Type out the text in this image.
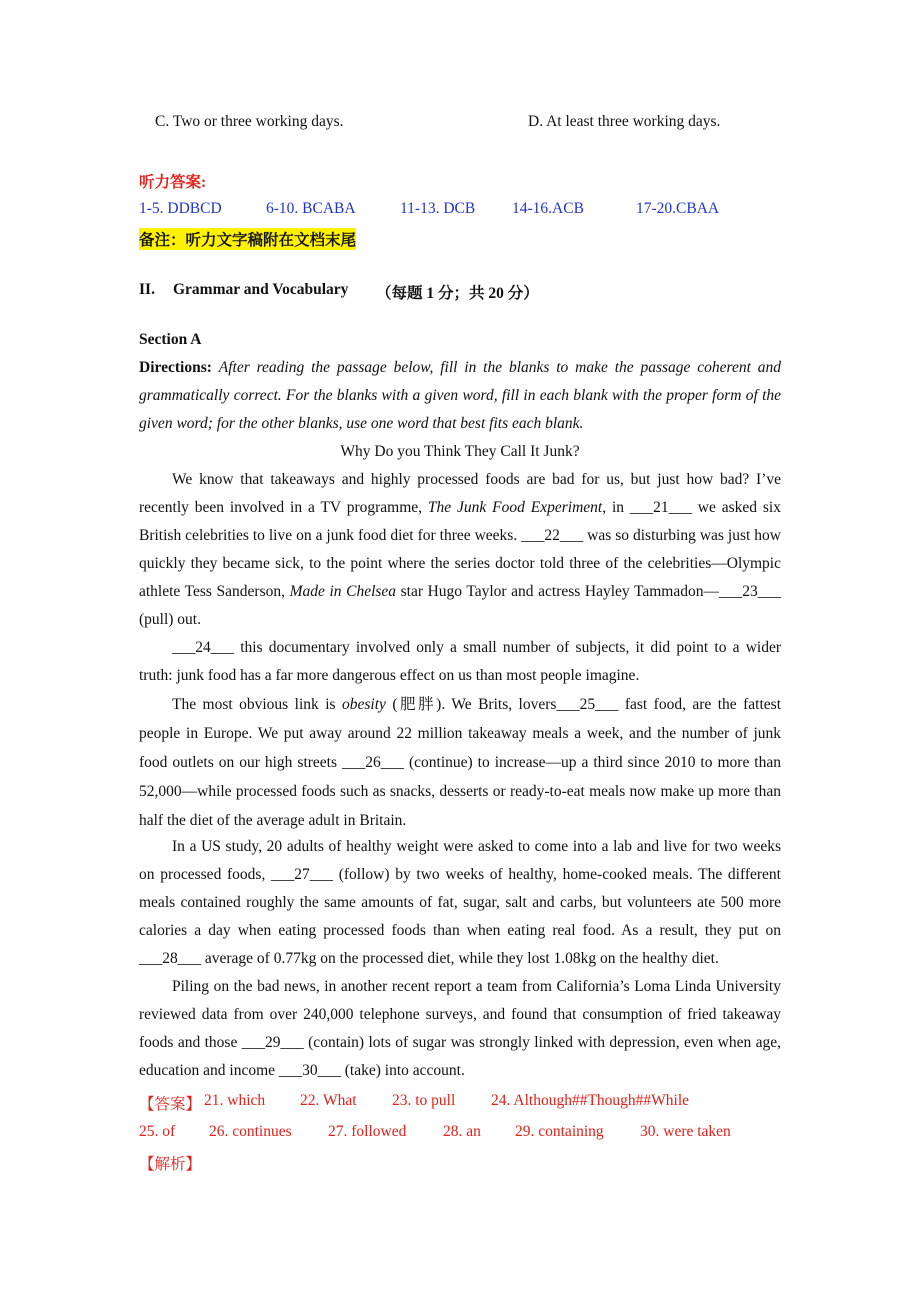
C. Two or three working days.	D. At least three working days.
听力答案:
1-5. DDBCD	6-10. BCABA	11-13. DCB 14-16.ACB	17-20.CBAA
备注：听力文字稿附在文档末尾
II. Grammar and Vocabulary （每题 1 分；共 20 分）
Section A
Directions: After reading the passage below, fill in the blanks to make the passage coherent and grammatically correct. For the blanks with a given word, fill in each blank with the proper form of the given word; for the other blanks, use one word that best fits each blank.
Why Do you Think They Call It Junk?
We know that takeaways and highly processed foods are bad for us, but just how bad? I’ve recently been involved in a TV programme, The Junk Food Experiment, in ___21___ we asked six British celebrities to live on a junk food diet for three weeks. ___22___ was so disturbing was just how quickly they became sick, to the point where the series doctor told three of the celebrities—Olympic athlete Tess Sanderson, Made in Chelsea star Hugo Taylor and actress Hayley Tammadon—___23___ (pull) out.
___24___ this documentary involved only a small number of subjects, it did point to a wider truth: junk food has a far more dangerous effect on us than most people imagine.
The most obvious link is obesity (肥胖). We Brits, lovers___25___ fast food, are the fattest people in Europe. We put away around 22 million takeaway meals a week, and the number of junk food outlets on our high streets ___26___ (continue) to increase—up a third since 2010 to more than 52,000—while processed foods such as snacks, desserts or ready-to-eat meals now make up more than half the diet of the average adult in Britain.
In a US study, 20 adults of healthy weight were asked to come into a lab and live for two weeks on processed foods, ___27___ (follow) by two weeks of healthy, home-cooked meals. The different meals contained roughly the same amounts of fat, sugar, salt and carbs, but volunteers ate 500 more calories a day when eating processed foods than when eating real food. As a result, they put on ___28___ average of 0.77kg on the processed diet, while they lost 1.08kg on the healthy diet.
Piling on the bad news, in another recent report a team from California’s Loma Linda University reviewed data from over 240,000 telephone surveys, and found that consumption of fried takeaway foods and those ___29___ (contain) lots of sugar was strongly linked with depression, even when age, education and income ___30___ (take) into account.
【答案】 21. which 22. What 23. to pull 24. Although##Though##While
25. of 26. continues 27. followed 28. an 29. containing 30. were taken
【解析】
